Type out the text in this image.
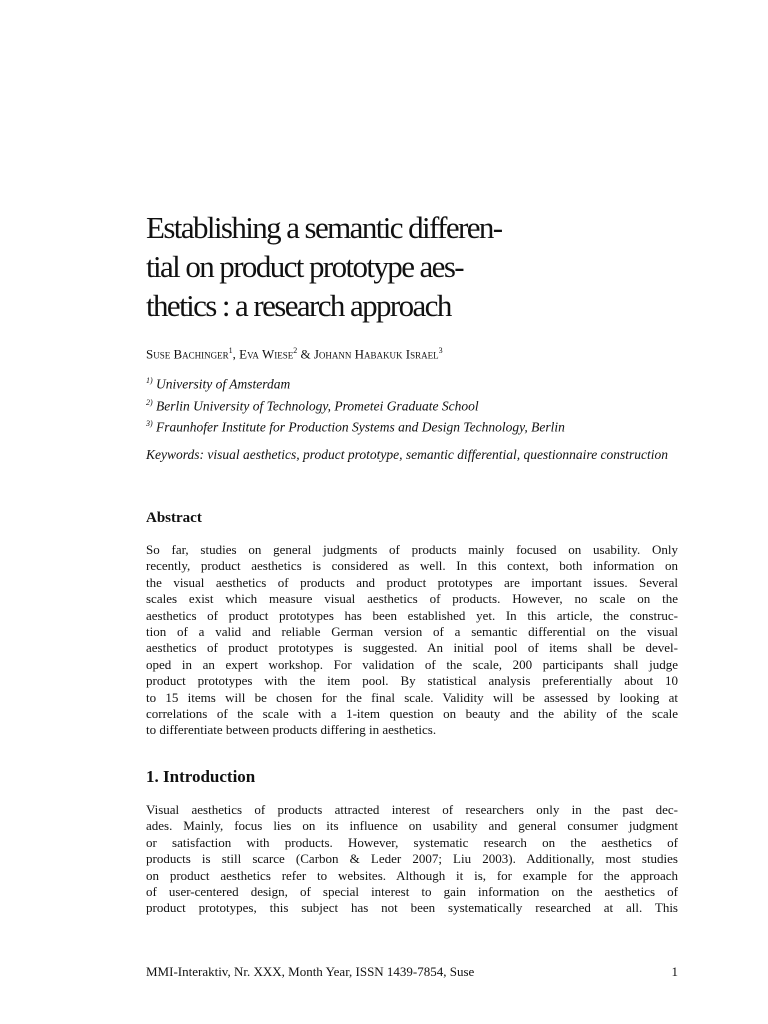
Establishing a semantic differen-
tial on product prototype aes-
thetics : a research approach
Suse Bachinger$^1$, Eva Wiese$^2$ & Johann Habakuk Israel$^3$
$^{1)}$ University of Amsterdam
$^{2)}$ Berlin University of Technology, Prometei Graduate School
$^{3)}$ Fraunhofer Institute for Production Systems and Design Technology, Berlin
Keywords: visual aesthetics, product prototype, semantic differential, questionnaire construction
Abstract
So far, studies on general judgments of products mainly focused on usability. Only
recently, product aesthetics is considered as well. In this context, both information on
the visual aesthetics of products and product prototypes are important issues. Several
scales exist which measure visual aesthetics of products. However, no scale on the
aesthetics of product prototypes has been established yet. In this article, the construc-
tion of a valid and reliable German version of a semantic differential on the visual
aesthetics of product prototypes is suggested. An initial pool of items shall be devel-
oped in an expert workshop. For validation of the scale, 200 participants shall judge
product prototypes with the item pool. By statistical analysis preferentially about 10
to 15 items will be chosen for the final scale. Validity will be assessed by looking at
correlations of the scale with a 1-item question on beauty and the ability of the scale
to differentiate between products differing in aesthetics.
1. Introduction
Visual aesthetics of products attracted interest of researchers only in the past dec-
ades. Mainly, focus lies on its influence on usability and general consumer judgment
or satisfaction with products. However, systematic research on the aesthetics of
products is still scarce (Carbon & Leder 2007; Liu 2003). Additionally, most studies
on product aesthetics refer to websites. Although it is, for example for the approach
of user-centered design, of special interest to gain information on the aesthetics of
product prototypes, this subject has not been systematically researched at all. This
MMI-Interaktiv, Nr. XXX, Month Year, ISSN 1439-7854, Suse	1
